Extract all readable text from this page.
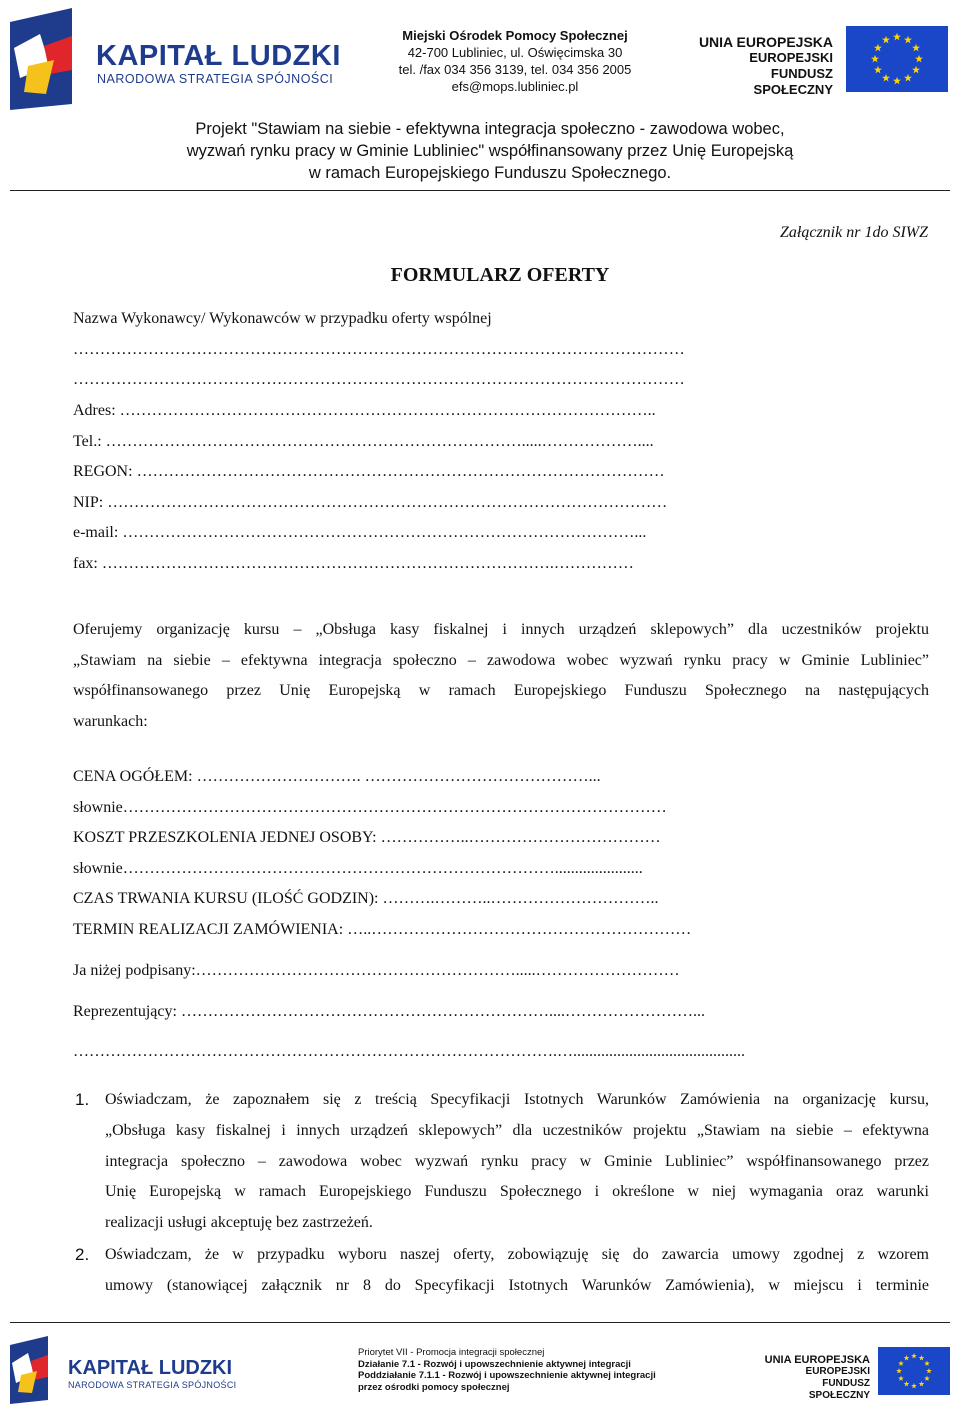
KAPITAŁ LUDZKI
NARODOWA STRATEGIA SPÓJNOŚCI
Miejski Ośrodek Pomocy Społecznej
42-700 Lubliniec, ul. Oświęcimska 30
tel. /fax 034 356 3139, tel. 034 356 2005
efs@mops.lubliniec.pl
UNIA EUROPEJSKA
EUROPEJSKI
FUNDUSZ SPOŁECZNY
Projekt "Stawiam na siebie - efektywna integracja społeczno - zawodowa wobec,
wyzwań rynku pracy w Gminie Lubliniec" współfinansowany przez Unię Europejską
w ramach Europejskiego Funduszu Społecznego.
Załącznik nr 1do SIWZ
FORMULARZ OFERTY
Nazwa Wykonawcy/ Wykonawców w przypadku oferty wspólnej
……………………………………………………………………………………………………
……………………………………………………………………………………………………
Adres: ………………………………………………………………………………………..
Tel.: …………………………………………………………………….....………………....
REGON: ………………………………………………………………………………………
NIP: ……………………………………………………………………………………………
e-mail: ……………………………………………………………………………………...
fax: ………………………………………………………………………….……………
Oferujemy organizację kursu – „Obsługa kasy fiskalnej i innych urządzeń sklepowych” dla uczestników projektu
„Stawiam na siebie – efektywna integracja społeczno – zawodowa wobec wyzwań rynku pracy w Gminie Lubliniec”
współfinansowanego przez Unię Europejską w ramach Europejskiego Funduszu Społecznego na następujących
warunkach:
CENA OGÓŁEM: …………………………. ……………………………………...
słownie…………………………………………………………………………………………
KOSZT PRZESZKOLENIA JEDNEJ OSOBY: ……………..………………………………
słownie………………………………………………………………………......................
CZAS TRWANIA KURSU (ILOŚĆ GODZIN): ……….………..…………………………..
TERMIN REALIZACJI ZAMÓWIENIA: …..……………………………………………………
Ja niżej podpisany:…………………………………………………….....………………………
Reprezentujący: ……………………………………………………………....……………………...
……………………………………………………………………………….…...........................................
1. Oświadczam, że zapoznałem się z treścią Specyfikacji Istotnych Warunków Zamówienia na organizację kursu,
„Obsługa kasy fiskalnej i innych urządzeń sklepowych” dla uczestników projektu „Stawiam na siebie – efektywna
integracja społeczno – zawodowa wobec wyzwań rynku pracy w Gminie Lubliniec” współfinansowanego przez
Unię Europejską w ramach Europejskiego Funduszu Społecznego i określone w niej wymagania oraz warunki
realizacji usługi akceptuję bez zastrzeżeń.
2. Oświadczam, że w przypadku wyboru naszej oferty, zobowiązuję się do zawarcia umowy zgodnej z wzorem
umowy (stanowiącej załącznik nr 8 do Specyfikacji Istotnych Warunków Zamówienia), w miejscu i terminie
KAPITAŁ LUDZKI
NARODOWA STRATEGIA SPÓJNOŚCI
Priorytet VII - Promocja integracji społecznej
Działanie 7.1 - Rozwój i upowszechnienie aktywnej integracji
Poddziałanie 7.1.1 - Rozwój i upowszechnienie aktywnej integracji
przez ośrodki pomocy społecznej
UNIA EUROPEJSKA
EUROPEJSKI
FUNDUSZ SPOŁECZNY
